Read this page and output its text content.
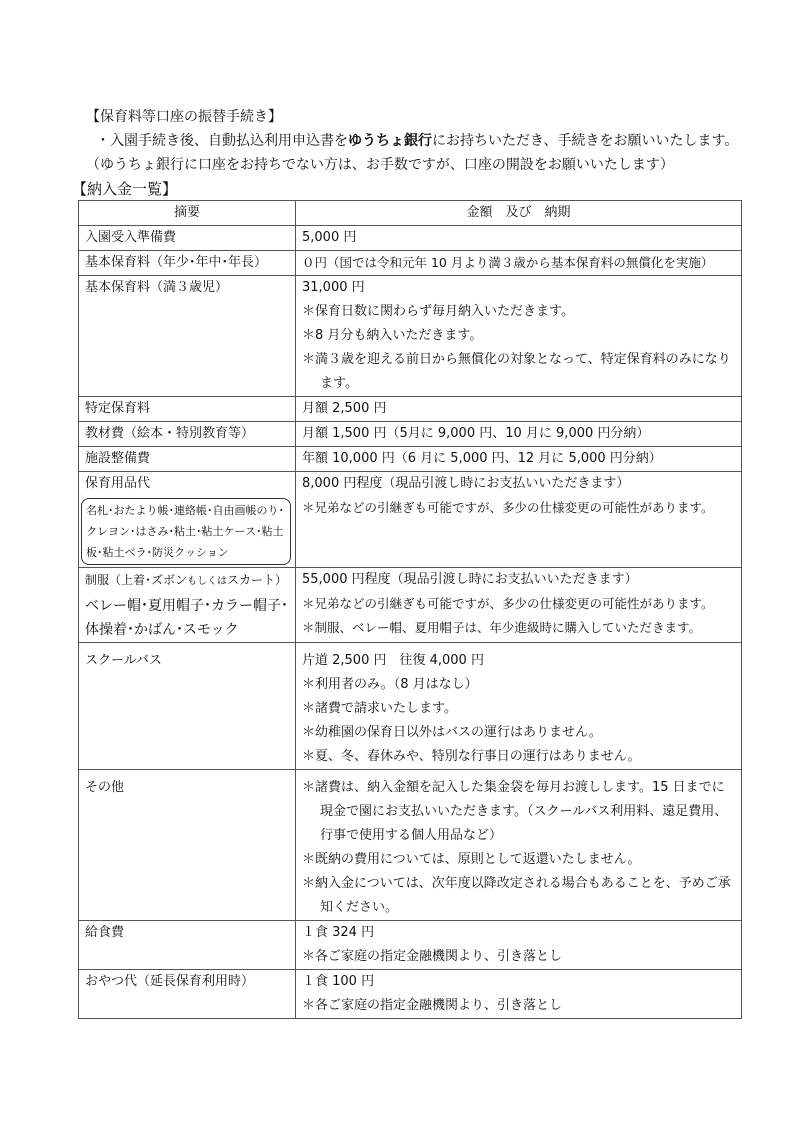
【保育料等口座の振替手続き】
・入園手続き後、自動払込利用申込書をゆうちょ銀行にお持ちいただき、手続きをお願いいたします。
（ゆうちょ銀行に口座をお持ちでない方は、お手数ですが、口座の開設をお願いいたします）
【納入金一覧】
摘要	金額　及び　納期
入園受入準備費	5,000 円

基本保育料（年少･年中･年長）	０円（国では令和元年 10 月より満３歳から基本保育料の無償化を実施）

基本保育料（満３歳児）	31,000 円
＊保育日数に関わらず毎月納入いただきます。
＊8 月分も納入いただきます。
＊満３歳を迎える前日から無償化の対象となって、特定保育料のみになります。

特定保育料	月額 2,500 円

教材費（絵本・特別教育等）	月額 1,500 円（5月に 9,000 円、10 月に 9,000 円分納）

施設整備費	年額 10,000 円（6 月に 5,000 円、12 月に 5,000 円分納）

保育用品代
名札･おたより帳･連絡帳･自由画帳のり･クレヨン･はさみ･粘土･粘土ケース･粘土板･粘土ベラ･防災クッション	8,000 円程度（現品引渡し時にお支払いいただきます）
＊兄弟などの引継ぎも可能ですが、多少の仕様変更の可能性があります。

制服（上着･ズボンもしくはスカート）
ベレー帽･夏用帽子･カラー帽子･体操着･かばん･スモック	55,000 円程度（現品引渡し時にお支払いいただきます）
＊兄弟などの引継ぎも可能ですが、多少の仕様変更の可能性があります。
＊制服、ベレー帽、夏用帽子は、年少進級時に購入していただきます。

スクールバス	片道 2,500 円　往復 4,000 円
＊利用者のみ。（8 月はなし）
＊諸費で請求いたします。
＊幼稚園の保育日以外はバスの運行はありません。
＊夏、冬、春休みや、特別な行事日の運行はありません。

その他	＊諸費は、納入金額を記入した集金袋を毎月お渡しします。15 日までに現金で園にお支払いいただきます。（スクールバス利用料、遠足費用、行事で使用する個人用品など）
＊既納の費用については、原則として返還いたしません。
＊納入金については、次年度以降改定される場合もあることを、予めご承知ください。

給食費	１食 324 円
＊各ご家庭の指定金融機関より、引き落とし

おやつ代（延長保育利用時）	１食 100 円
＊各ご家庭の指定金融機関より、引き落とし
